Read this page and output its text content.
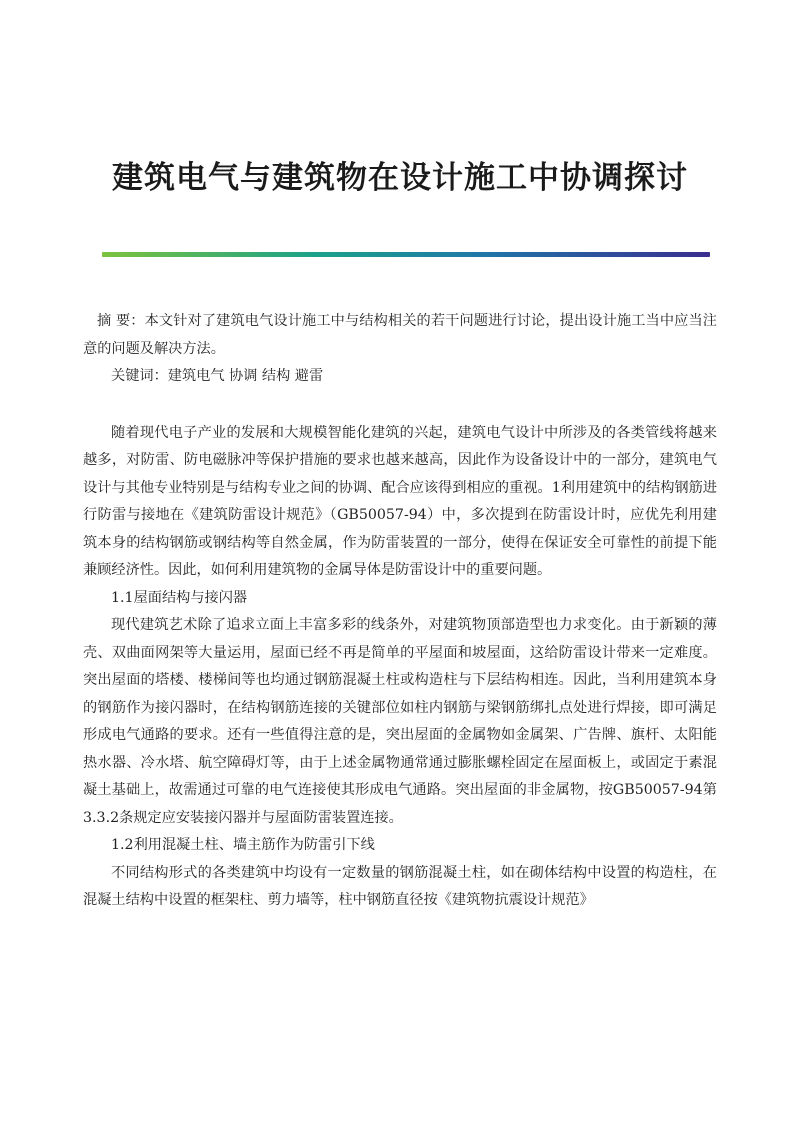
建筑电气与建筑物在设计施工中协调探讨

摘 要：本文针对了建筑电气设计施工中与结构相关的若干问题进行讨论，提出设计施工当中应当注意的问题及解决方法。

关键词：建筑电气 协调 结构 避雷

随着现代电子产业的发展和大规模智能化建筑的兴起，建筑电气设计中所涉及的各类管线将越来越多，对防雷、防电磁脉冲等保护措施的要求也越来越高，因此作为设备设计中的一部分，建筑电气设计与其他专业特别是与结构专业之间的协调、配合应该得到相应的重视。1利用建筑中的结构钢筋进行防雷与接地在《建筑防雷设计规范》（GB50057-94）中，多次提到在防雷设计时，应优先利用建筑本身的结构钢筋或钢结构等自然金属，作为防雷装置的一部分，使得在保证安全可靠性的前提下能兼顾经济性。因此，如何利用建筑物的金属导体是防雷设计中的重要问题。

1.1屋面结构与接闪器

现代建筑艺术除了追求立面上丰富多彩的线条外，对建筑物顶部造型也力求变化。由于新颖的薄壳、双曲面网架等大量运用，屋面已经不再是简单的平屋面和坡屋面，这给防雷设计带来一定难度。突出屋面的塔楼、楼梯间等也均通过钢筋混凝土柱或构造柱与下层结构相连。因此，当利用建筑本身的钢筋作为接闪器时，在结构钢筋连接的关键部位如柱内钢筋与梁钢筋绑扎点处进行焊接，即可满足形成电气通路的要求。还有一些值得注意的是，突出屋面的金属物如金属架、广告牌、旗杆、太阳能热水器、冷水塔、航空障碍灯等，由于上述金属物通常通过膨胀螺栓固定在屋面板上，或固定于素混凝土基础上，故需通过可靠的电气连接使其形成电气通路。突出屋面的非金属物，按GB50057-94第3.3.2条规定应安装接闪器并与屋面防雷装置连接。

1.2利用混凝土柱、墙主筋作为防雷引下线

不同结构形式的各类建筑中均设有一定数量的钢筋混凝土柱，如在砌体结构中设置的构造柱，在混凝土结构中设置的框架柱、剪力墙等，柱中钢筋直径按《建筑物抗震设计规范》
